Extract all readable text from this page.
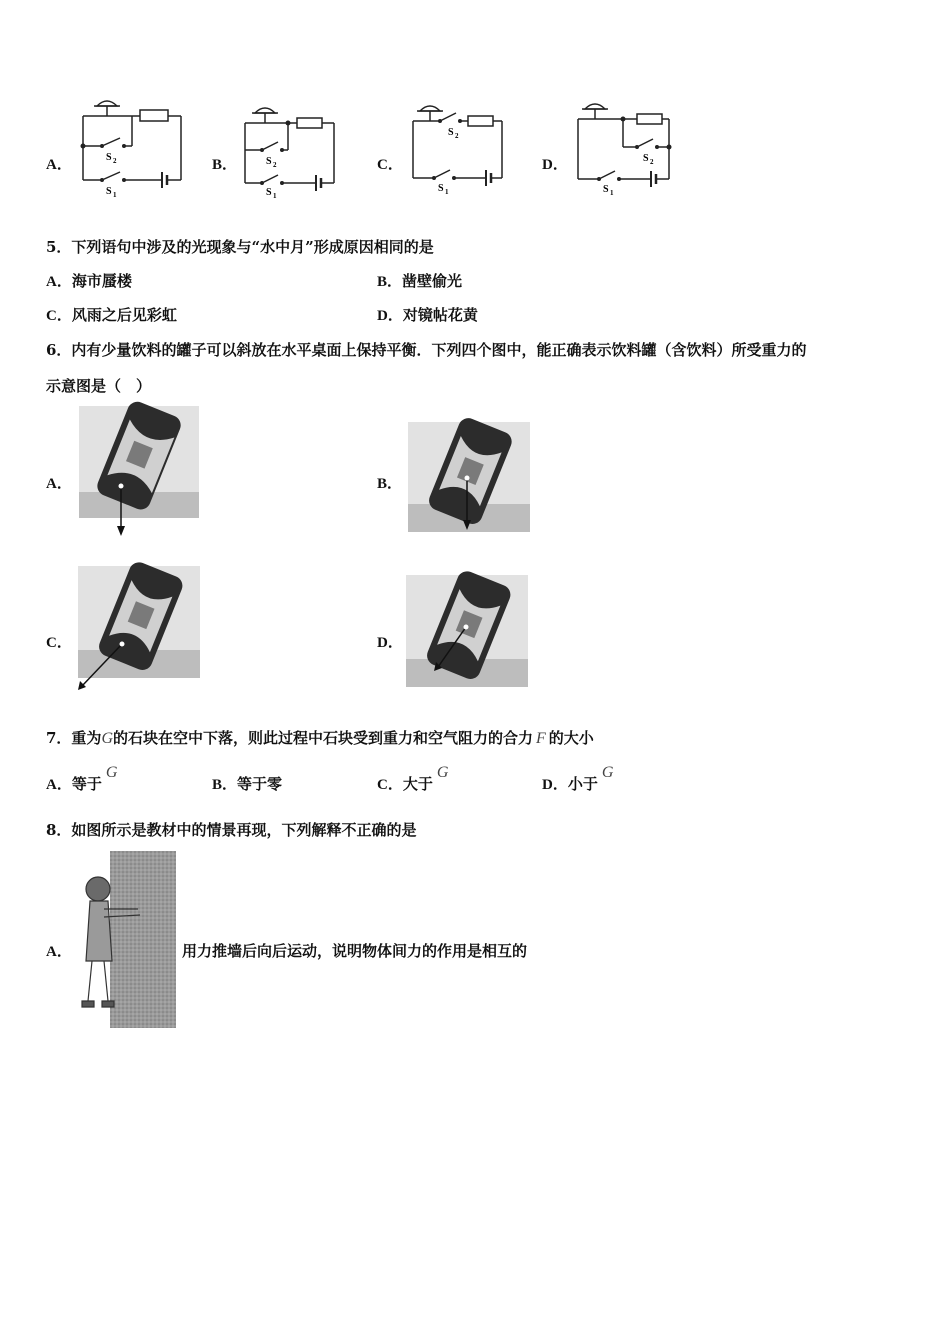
A．	B．	C．	D．
S 2
S 1
S 2
S 1
S 2
S 1
S 2
S 1
5．下列语句中涉及的光现象与“水中月”形成原因相同的是
A．海市蜃楼	B．凿壁偷光
C．风雨之后见彩虹	D．对镜帖花黄
6．内有少量饮料的罐子可以斜放在水平桌面上保持平衡．下列四个图中，能正确表示饮料罐（含饮料）所受重力的
示意图是（　）
A．	B．
C．	D．
7．重为G的石块在空中下落，则此过程中石块受到重力和空气阻力的合力 F 的大小
A．等于G
B．等于零	C．大于G
D．小于G
8．如图所示是教材中的情景再现，下列解释不正确的是
A．	用力推墙后向后运动，说明物体间力的作用是相互的
